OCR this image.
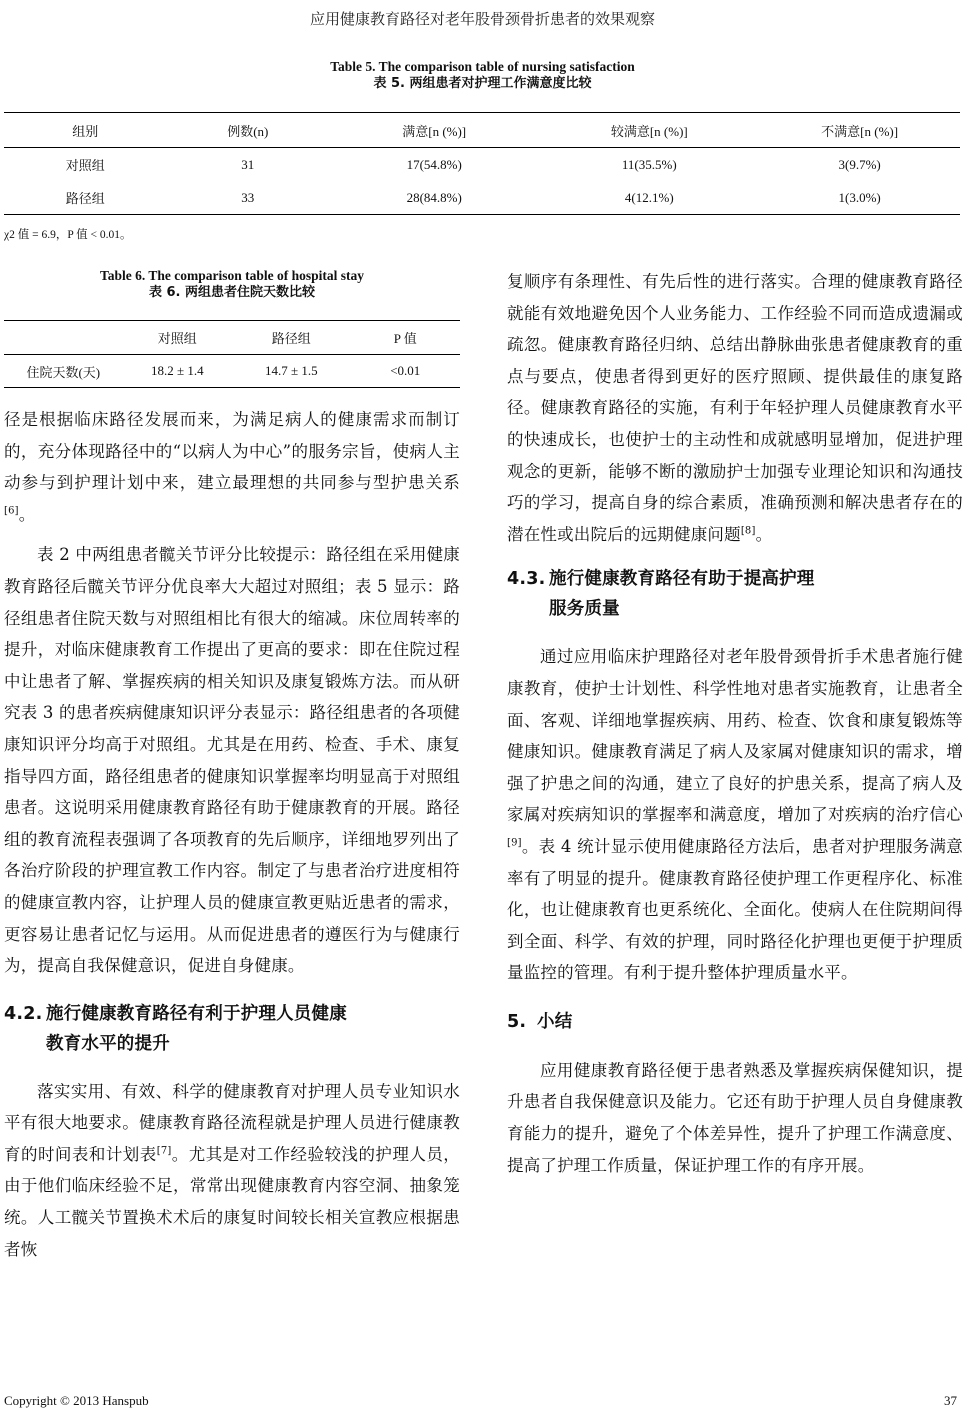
应用健康教育路径对老年股骨颈骨折患者的效果观察
Table 5. The comparison table of nursing satisfaction
表 5. 两组患者对护理工作满意度比较
组别	例数(n)	满意[n (%)]	较满意[n (%)]	不满意[n (%)]
对照组	31	17(54.8%)	11(35.5%)	3(9.7%)
路径组	33	28(84.8%)	4(12.1%)	1(3.0%)
χ2 值 = 6.9，P 值 < 0.01。
Table 6. The comparison table of hospital stay
表 6. 两组患者住院天数比较
	对照组	路径组	P 值
住院天数(天)	18.2 ± 1.4	14.7 ± 1.5	<0.01

径是根据临床路径发展而来，为满足病人的健康需求而制订的，充分体现路径中的“以病人为中心”的服务宗旨，使病人主动参与到护理计划中来，建立最理想的共同参与型护患关系[6]。

表 2 中两组患者髋关节评分比较提示：路径组在采用健康教育路径后髋关节评分优良率大大超过对照组；表 5 显示：路径组患者住院天数与对照组相比有很大的缩减。床位周转率的提升，对临床健康教育工作提出了更高的要求：即在住院过程中让患者了解、掌握疾病的相关知识及康复锻炼方法。而从研究表 3 的患者疾病健康知识评分表显示：路径组患者的各项健康知识评分均高于对照组。尤其是在用药、检查、手术、康复指导四方面，路径组患者的健康知识掌握率均明显高于对照组患者。这说明采用健康教育路径有助于健康教育的开展。路径组的教育流程表强调了各项教育的先后顺序，详细地罗列出了各治疗阶段的护理宣教工作内容。制定了与患者治疗进度相符的健康宣教内容，让护理人员的健康宣教更贴近患者的需求，更容易让患者记忆与运用。从而促进患者的遵医行为与健康行为，提高自我保健意识，促进自身健康。

4.2. 施行健康教育路径有利于护理人员健康
教育水平的提升

落实实用、有效、科学的健康教育对护理人员专业知识水平有很大地要求。健康教育路径流程就是护理人员进行健康教育的时间表和计划表[7]。尤其是对工作经验较浅的护理人员，由于他们临床经验不足，常常出现健康教育内容空洞、抽象笼统。人工髋关节置换术术后的康复时间较长相关宣教应根据患者恢

复顺序有条理性、有先后性的进行落实。合理的健康教育路径就能有效地避免因个人业务能力、工作经验不同而造成遗漏或疏忽。健康教育路径归纳、总结出静脉曲张患者健康教育的重点与要点，使患者得到更好的医疗照顾、提供最佳的康复路径。健康教育路径的实施，有利于年轻护理人员健康教育水平的快速成长，也使护士的主动性和成就感明显增加，促进护理观念的更新，能够不断的激励护士加强专业理论知识和沟通技巧的学习，提高自身的综合素质，准确预测和解决患者存在的潜在性或出院后的远期健康问题[8]。

4.3. 施行健康教育路径有助于提高护理
服务质量

通过应用临床护理路径对老年股骨颈骨折手术患者施行健康教育，使护士计划性、科学性地对患者实施教育，让患者全面、客观、详细地掌握疾病、用药、检查、饮食和康复锻炼等健康知识。健康教育满足了病人及家属对健康知识的需求，增强了护患之间的沟通，建立了良好的护患关系，提高了病人及家属对疾病知识的掌握率和满意度，增加了对疾病的治疗信心[9]。表 4 统计显示使用健康路径方法后，患者对护理服务满意率有了明显的提升。健康教育路径使护理工作更程序化、标准化，也让健康教育也更系统化、全面化。使病人在住院期间得到全面、科学、有效的护理，同时路径化护理也更便于护理质量监控的管理。有利于提升整体护理质量水平。

5. 小结

应用健康教育路径便于患者熟悉及掌握疾病保健知识，提升患者自我保健意识及能力。它还有助于护理人员自身健康教育能力的提升，避免了个体差异性，提升了护理工作满意度、提高了护理工作质量，保证护理工作的有序开展。

Copyright © 2013 Hanspub	37
